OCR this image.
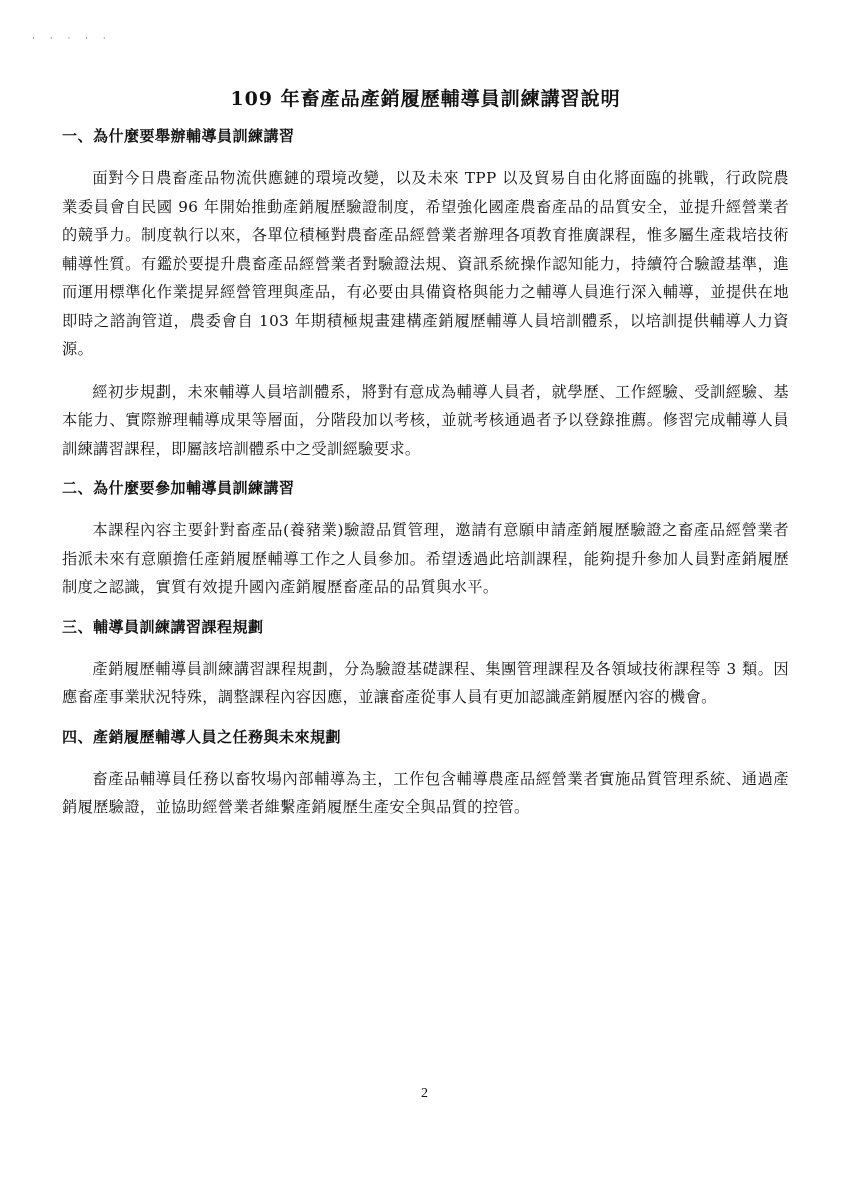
· · · · ·
109 年畜產品產銷履歷輔導員訓練講習說明
一、為什麼要舉辦輔導員訓練講習

面對今日農畜產品物流供應鏈的環境改變，以及未來 TPP 以及貿易自由化將面臨的挑戰，行政院農業委員會自民國 96 年開始推動產銷履歷驗證制度，希望強化國產農畜產品的品質安全，並提升經營業者的競爭力。制度執行以來，各單位積極對農畜產品經營業者辦理各項教育推廣課程，惟多屬生產栽培技術輔導性質。有鑑於要提升農畜產品經營業者對驗證法規、資訊系統操作認知能力，持續符合驗證基準，進而運用標準化作業提昇經營管理與產品，有必要由具備資格與能力之輔導人員進行深入輔導，並提供在地即時之諮詢管道，農委會自 103 年期積極規畫建構產銷履歷輔導人員培訓體系，以培訓提供輔導人力資源。

經初步規劃，未來輔導人員培訓體系，將對有意成為輔導人員者，就學歷、工作經驗、受訓經驗、基本能力、實際辦理輔導成果等層面，分階段加以考核，並就考核通過者予以登錄推薦。修習完成輔導人員訓練講習課程，即屬該培訓體系中之受訓經驗要求。

二、為什麼要參加輔導員訓練講習

本課程內容主要針對畜產品(養豬業)驗證品質管理，邀請有意願申請產銷履歷驗證之畜產品經營業者指派未來有意願擔任產銷履歷輔導工作之人員參加。希望透過此培訓課程，能夠提升參加人員對產銷履歷制度之認識，實質有效提升國內產銷履歷畜產品的品質與水平。

三、輔導員訓練講習課程規劃

產銷履歷輔導員訓練講習課程規劃，分為驗證基礎課程、集團管理課程及各領域技術課程等 3 類。因應畜產事業狀況特殊，調整課程內容因應，並讓畜產從事人員有更加認識產銷履歷內容的機會。

四、產銷履歷輔導人員之任務與未來規劃

畜產品輔導員任務以畜牧場內部輔導為主，工作包含輔導農產品經營業者實施品質管理系統、通過產銷履歷驗證，並協助經營業者維繫產銷履歷生產安全與品質的控管。

2
